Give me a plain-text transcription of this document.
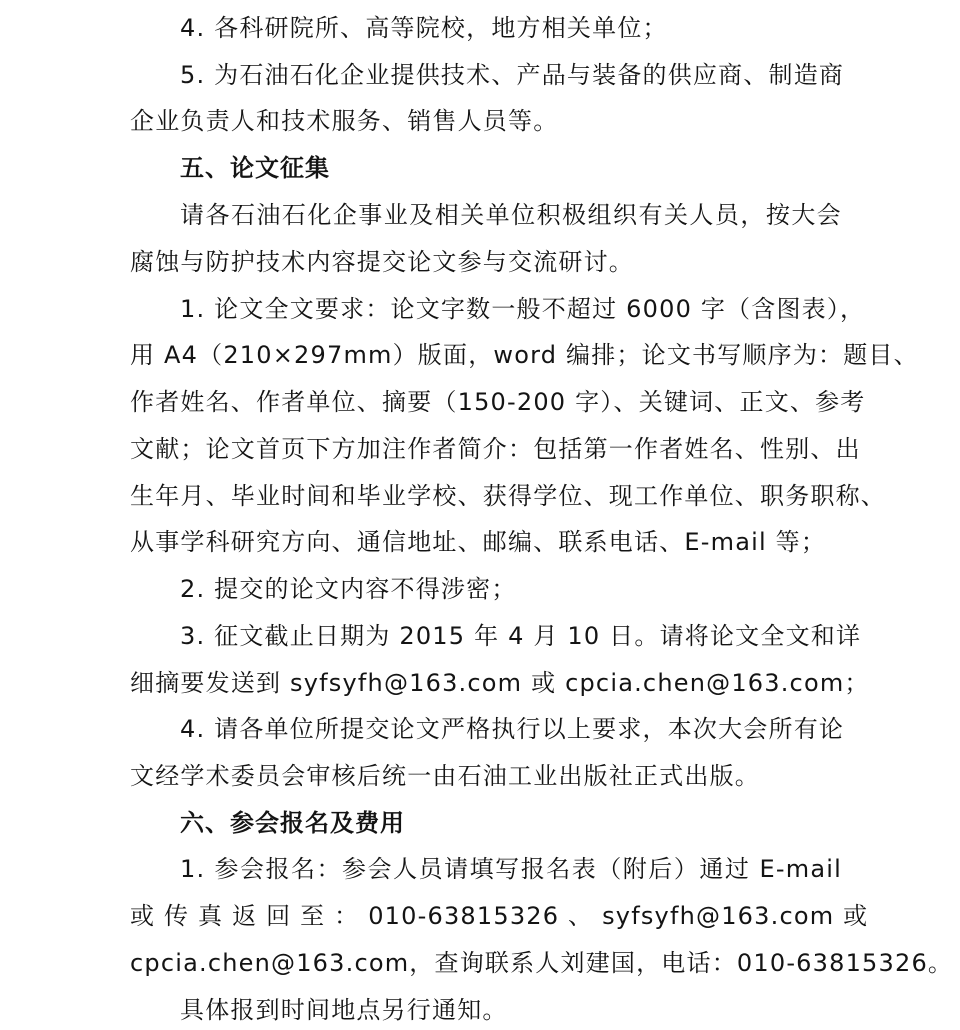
4. 各科研院所、高等院校，地方相关单位；
5. 为石油石化企业提供技术、产品与装备的供应商、制造商
企业负责人和技术服务、销售人员等。
五、论文征集
请各石油石化企事业及相关单位积极组织有关人员，按大会
腐蚀与防护技术内容提交论文参与交流研讨。
1. 论文全文要求：论文字数一般不超过 6000 字（含图表），
用 A4（210×297mm）版面，word 编排；论文书写顺序为：题目、
作者姓名、作者单位、摘要（150-200 字）、关键词、正文、参考
文献；论文首页下方加注作者简介：包括第一作者姓名、性别、出
生年月、毕业时间和毕业学校、获得学位、现工作单位、职务职称、
从事学科研究方向、通信地址、邮编、联系电话、E-mail 等；
2. 提交的论文内容不得涉密；
3. 征文截止日期为 2015 年 4 月 10 日。请将论文全文和详
细摘要发送到 syfsyfh@163.com 或 cpcia.chen@163.com；
4. 请各单位所提交论文严格执行以上要求，本次大会所有论
文经学术委员会审核后统一由石油工业出版社正式出版。
六、参会报名及费用
1. 参会报名：参会人员请填写报名表（附后）通过 E-mail
或 传 真 返 回 至 ： 010-63815326 、 syfsyfh@163.com 或
cpcia.chen@163.com，查询联系人刘建国，电话：010-63815326。
具体报到时间地点另行通知。
